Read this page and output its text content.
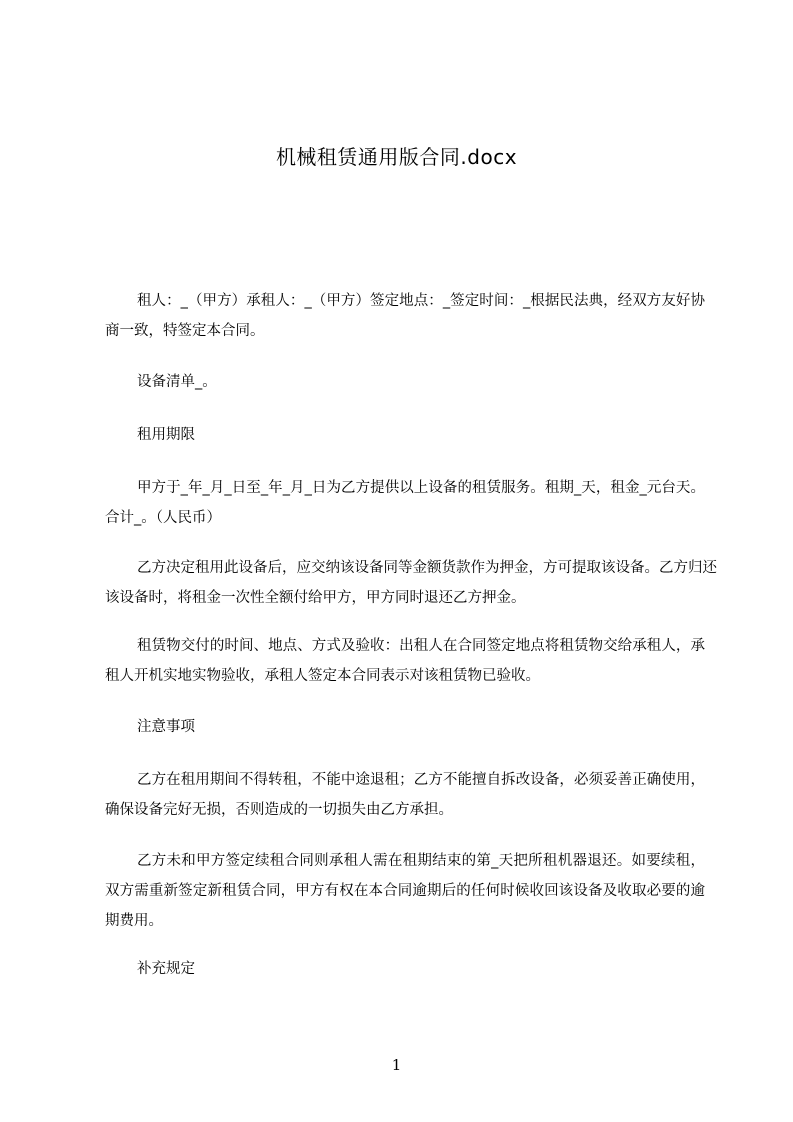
机械租赁通用版合同.docx

租人：_（甲方）承租人：_（甲方）签定地点：_签定时间：_根据民法典，经双方友好协商一致，特签定本合同。

设备清单_。

租用期限

甲方于_年_月_日至_年_月_日为乙方提供以上设备的租赁服务。租期_天，租金_元台天。合计_。（人民币）

乙方决定租用此设备后，应交纳该设备同等金额货款作为押金，方可提取该设备。乙方归还该设备时，将租金一次性全额付给甲方，甲方同时退还乙方押金。

租赁物交付的时间、地点、方式及验收：出租人在合同签定地点将租赁物交给承租人，承租人开机实地实物验收，承租人签定本合同表示对该租赁物已验收。

注意事项

乙方在租用期间不得转租，不能中途退租；乙方不能擅自拆改设备，必须妥善正确使用，确保设备完好无损，否则造成的一切损失由乙方承担。

乙方未和甲方签定续租合同则承租人需在租期结束的第_天把所租机器退还。如要续租，双方需重新签定新租赁合同，甲方有权在本合同逾期后的任何时候收回该设备及收取必要的逾期费用。

补充规定

1
